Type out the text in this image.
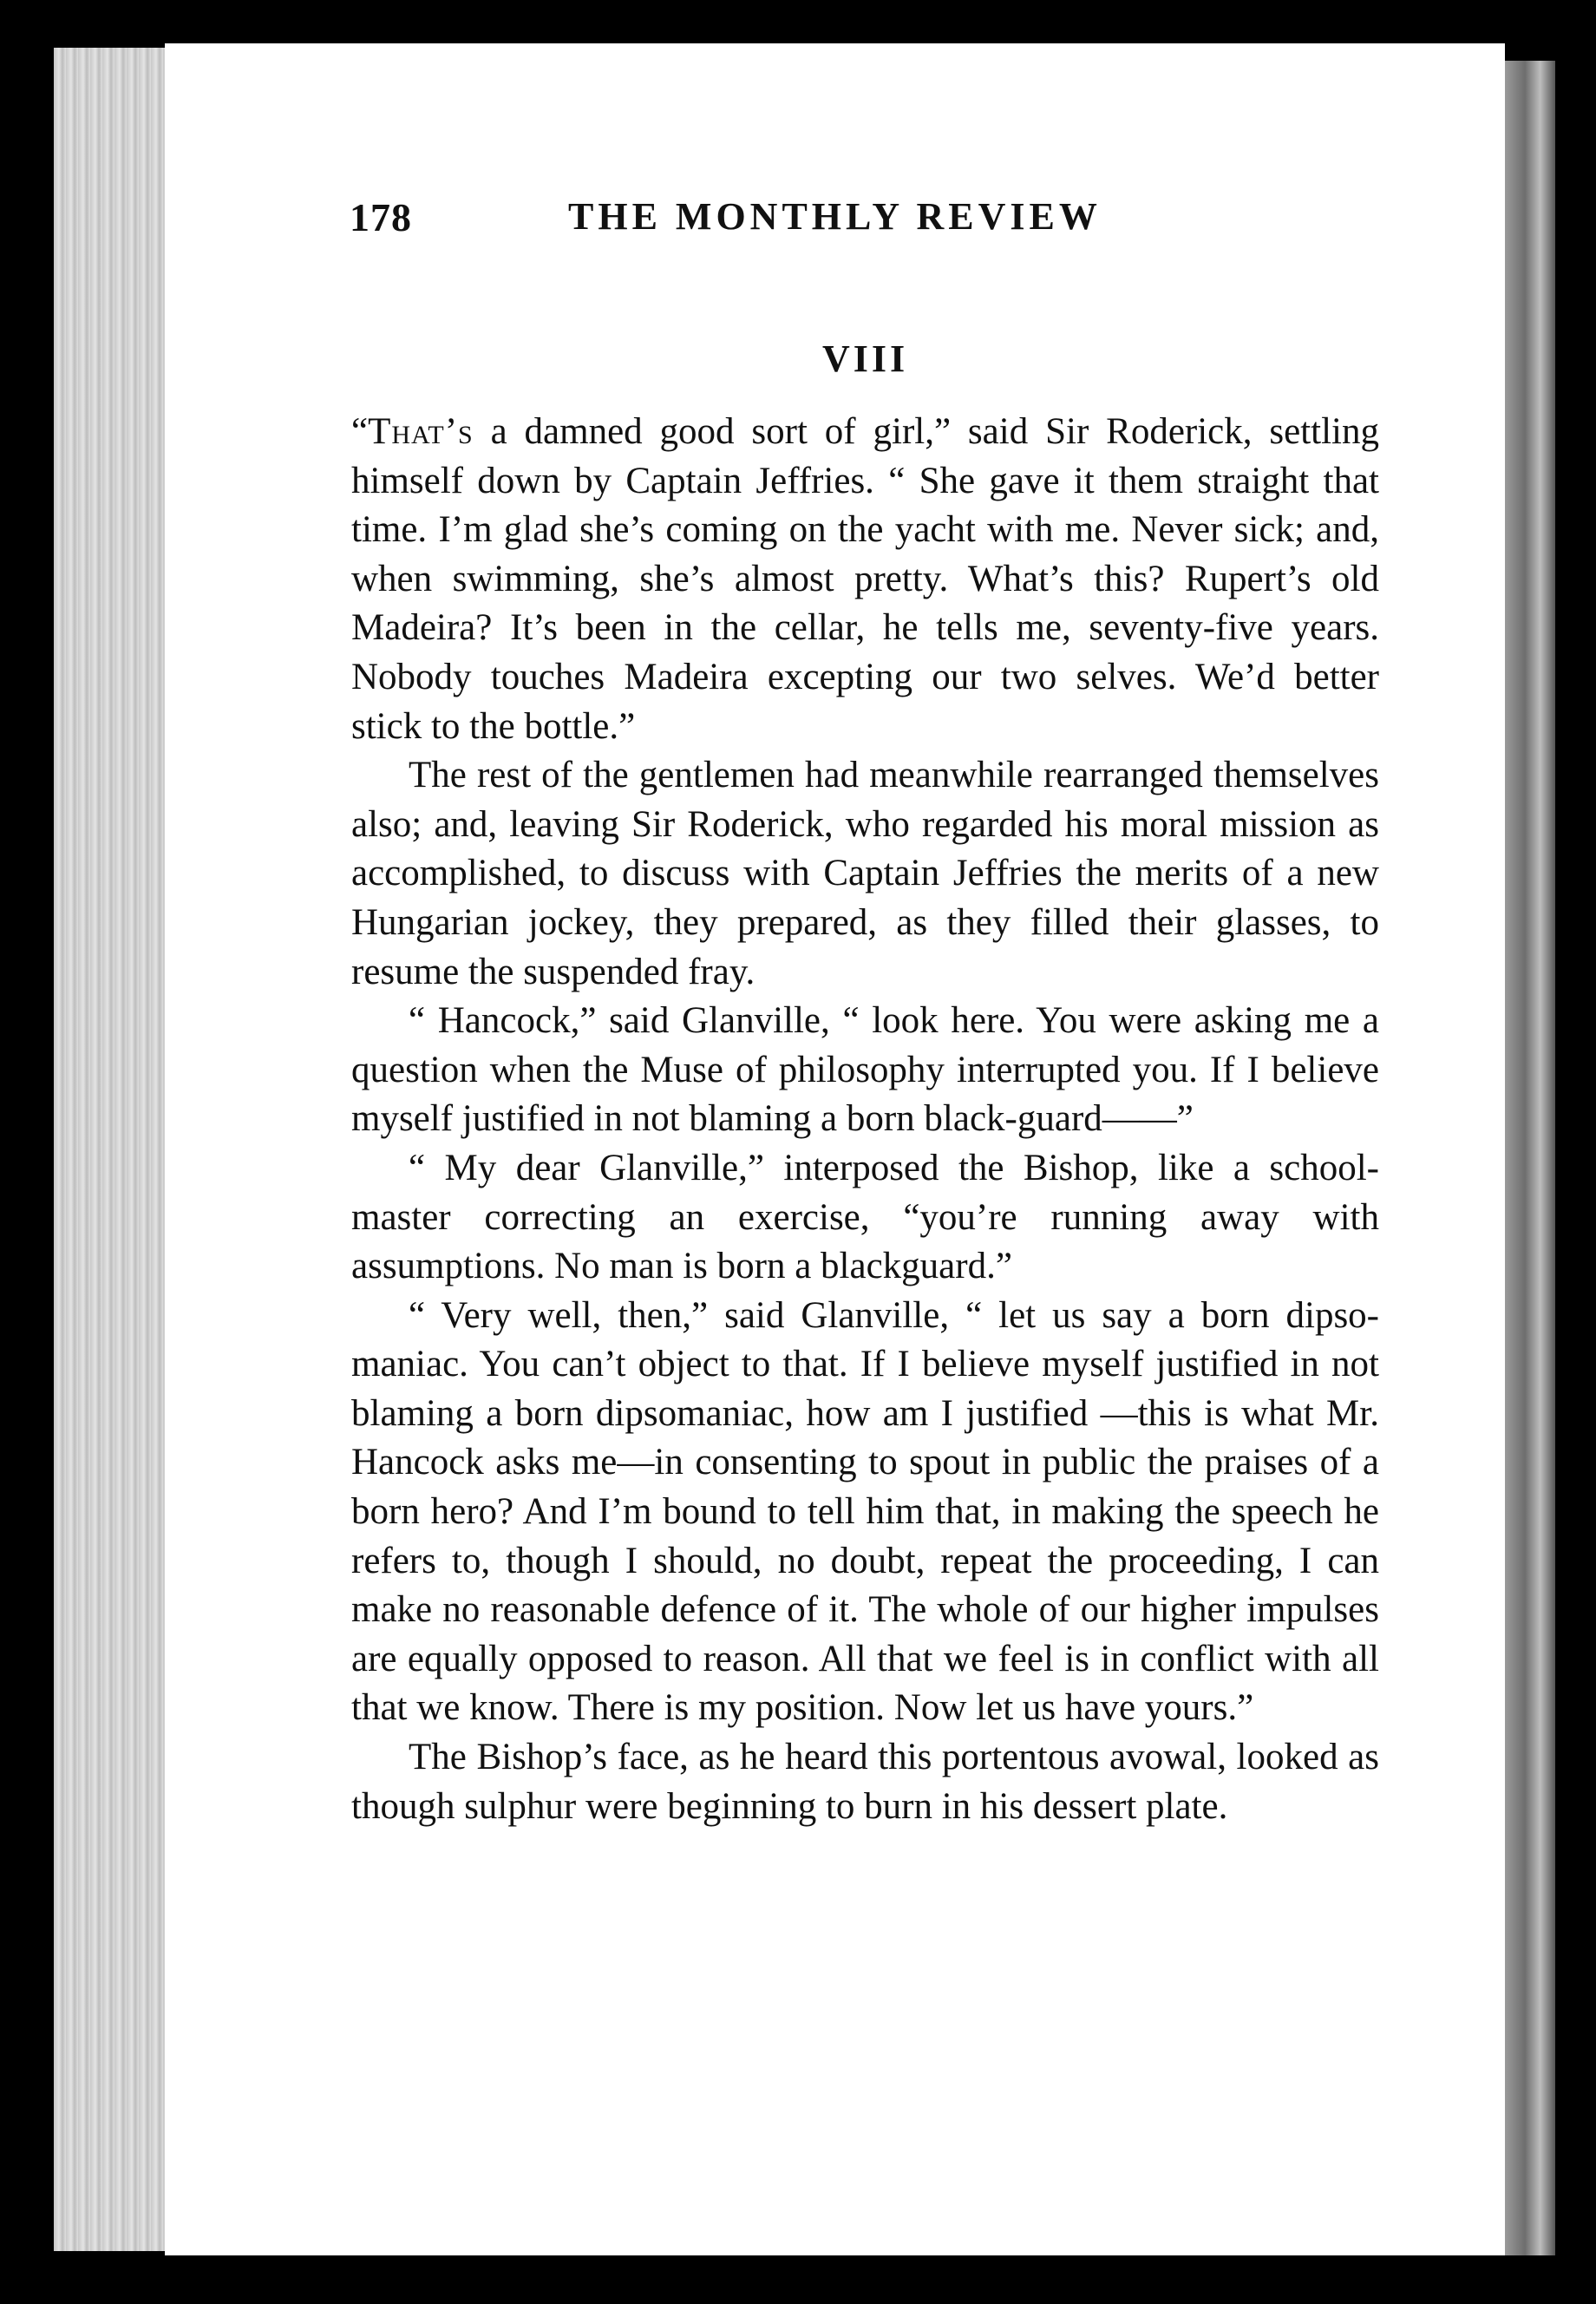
178	THE MONTHLY REVIEW
VIII

“That’s a damned good sort of girl,” said Sir Roderick, settling himself down by Captain Jeffries. “ She gave it them straight that time. I’m glad she’s coming on the yacht with me. Never sick; and, when swimming, she’s almost pretty. What’s this? Rupert’s old Madeira? It’s been in the cellar, he tells me, seventy-five years. Nobody touches Madeira excepting our two selves. We’d better stick to the bottle.”

The rest of the gentlemen had meanwhile rearranged themselves also; and, leaving Sir Roderick, who regarded his moral mission as accomplished, to discuss with Captain Jeffries the merits of a new Hungarian jockey, they prepared, as they filled their glasses, to resume the suspended fray.

“ Hancock,” said Glanville, “ look here. You were asking me a question when the Muse of philosophy interrupted you. If I believe myself justified in not blaming a born black-guard——”

“ My dear Glanville,” interposed the Bishop, like a school-master correcting an exercise, “you’re running away with assumptions. No man is born a blackguard.”

“ Very well, then,” said Glanville, “ let us say a born dipso-maniac. You can’t object to that. If I believe myself justified in not blaming a born dipsomaniac, how am I justified —this is what Mr. Hancock asks me—in consenting to spout in public the praises of a born hero? And I’m bound to tell him that, in making the speech he refers to, though I should, no doubt, repeat the proceeding, I can make no reasonable defence of it. The whole of our higher impulses are equally opposed to reason. All that we feel is in conflict with all that we know. There is my position. Now let us have yours.”

The Bishop’s face, as he heard this portentous avowal, looked as though sulphur were beginning to burn in his dessert plate.
